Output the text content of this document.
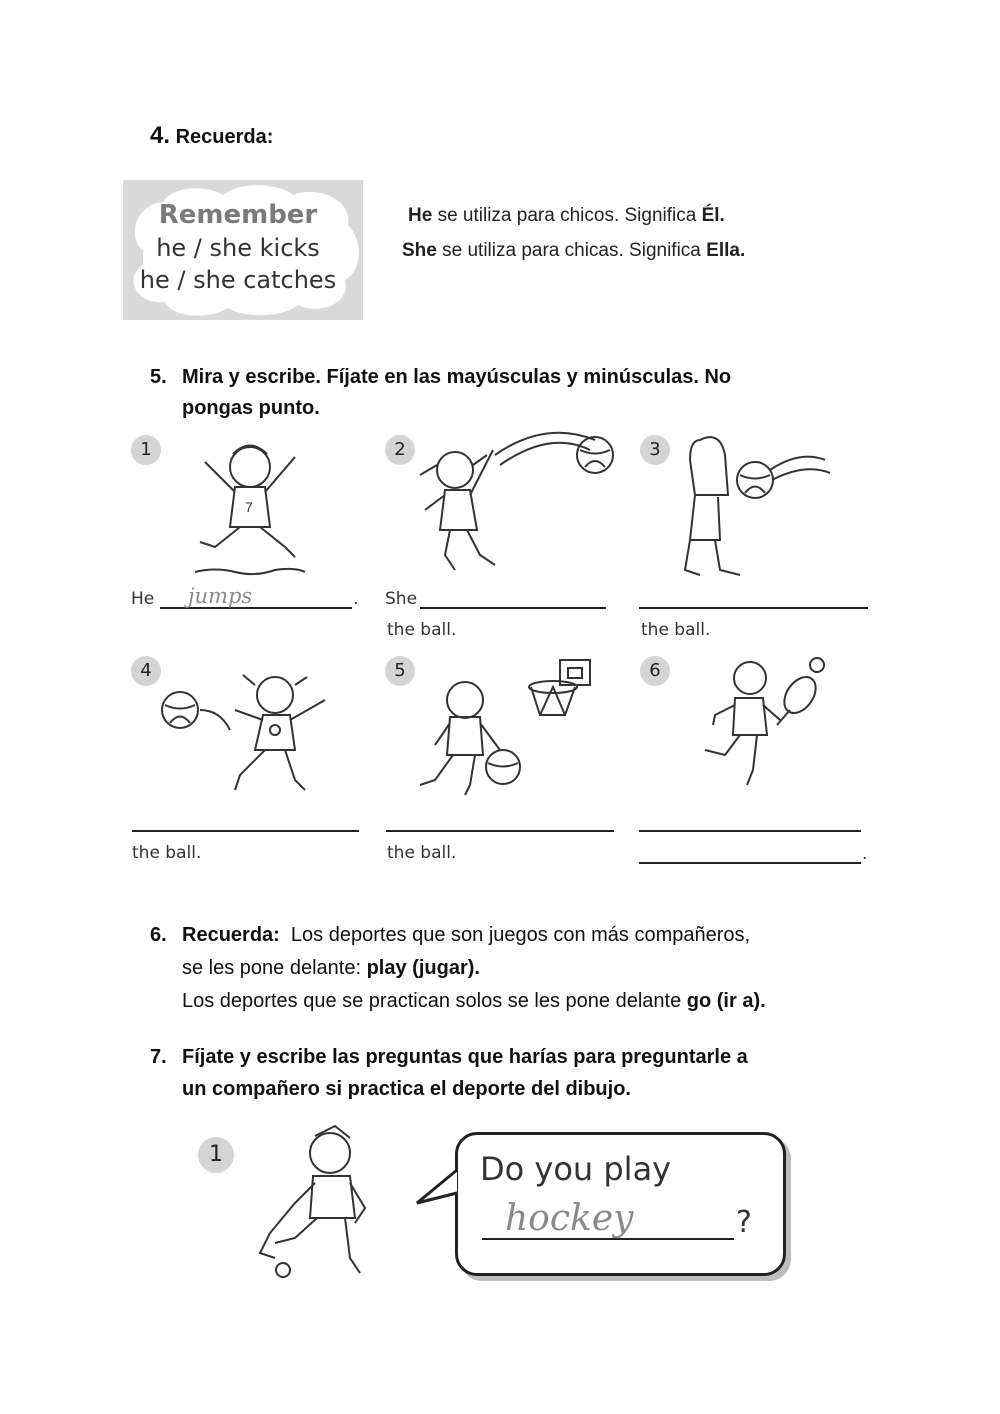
4. Recuerda:
Remember
he / she kicks
he / she catches
He se utiliza para chicos. Significa Él.
She se utiliza para chicas. Significa Ella.
5. Mira y escribe. Fíjate en las mayúsculas y minúsculas. No
pongas punto.
1
7
He jumps	.
2
She
the ball.
3
the ball.
4
the ball.
5
the ball.
6
.
6. Recuerda:  Los deportes que son juegos con más compañeros,
se les pone delante: play (jugar).
Los deportes que se practican solos se les pone delante go (ir a).
7. Fíjate y escribe las preguntas que harías para preguntarle a
un compañero si practica el deporte del dibujo.
1	Do you play
hockey	?
